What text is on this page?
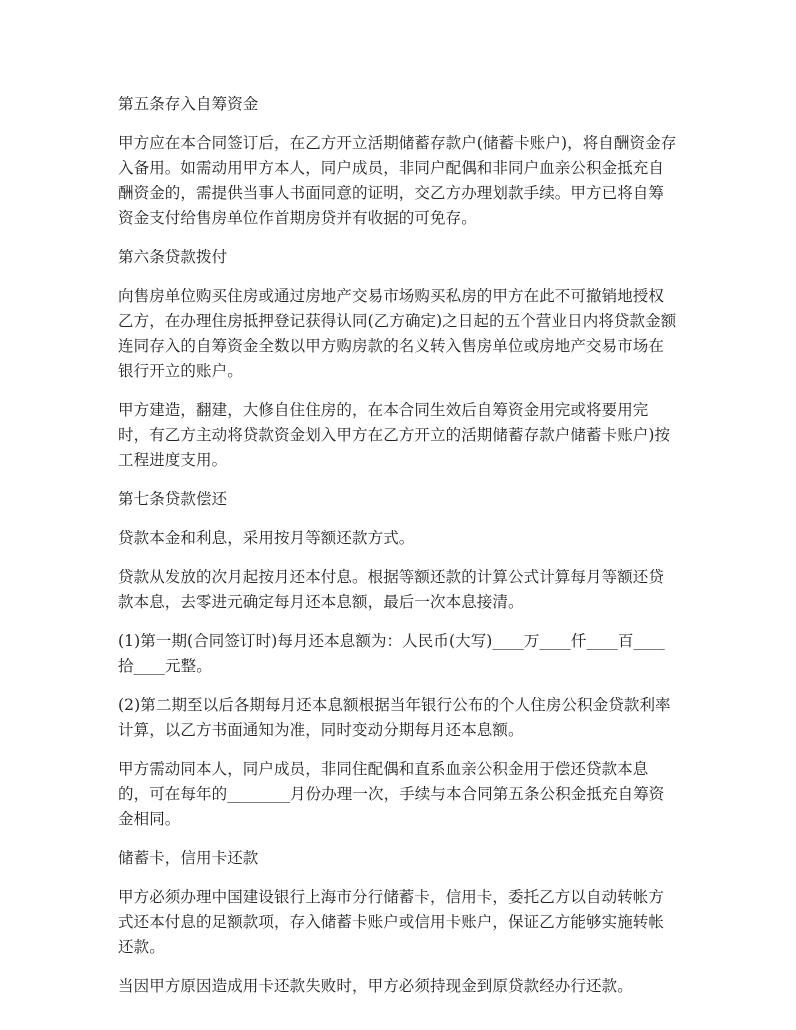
第五条存入自筹资金

甲方应在本合同签订后，在乙方开立活期储蓄存款户(储蓄卡账户)，将自酬资金存入备用。如需动用甲方本人，同户成员，非同户配偶和非同户血亲公积金抵充自酬资金的，需提供当事人书面同意的证明，交乙方办理划款手续。甲方已将自筹资金支付给售房单位作首期房贷并有收据的可免存。

第六条贷款拨付

向售房单位购买住房或通过房地产交易市场购买私房的甲方在此不可撤销地授权乙方，在办理住房抵押登记获得认同(乙方确定)之日起的五个营业日内将贷款金额连同存入的自筹资金全数以甲方购房款的名义转入售房单位或房地产交易市场在银行开立的账户。

甲方建造，翻建，大修自住住房的，在本合同生效后自筹资金用完或将要用完时，有乙方主动将贷款资金划入甲方在乙方开立的活期储蓄存款户储蓄卡账户)按工程进度支用。

第七条贷款偿还

贷款本金和利息，采用按月等额还款方式。

贷款从发放的次月起按月还本付息。根据等额还款的计算公式计算每月等额还贷款本息，去零进元确定每月还本息额，最后一次本息接清。

(1)第一期(合同签订时)每月还本息额为：人民币(大写)____万____仟____百____拾____元整。

(2)第二期至以后各期每月还本息额根据当年银行公布的个人住房公积金贷款利率计算，以乙方书面通知为准，同时变动分期每月还本息额。

甲方需动同本人，同户成员，非同住配偶和直系血亲公积金用于偿还贷款本息的，可在每年的________月份办理一次，手续与本合同第五条公积金抵充自筹资金相同。

储蓄卡，信用卡还款

甲方必须办理中国建设银行上海市分行储蓄卡，信用卡，委托乙方以自动转帐方式还本付息的足额款项，存入储蓄卡账户或信用卡账户，保证乙方能够实施转帐还款。

当因甲方原因造成用卡还款失败时，甲方必须持现金到原贷款经办行还款。
